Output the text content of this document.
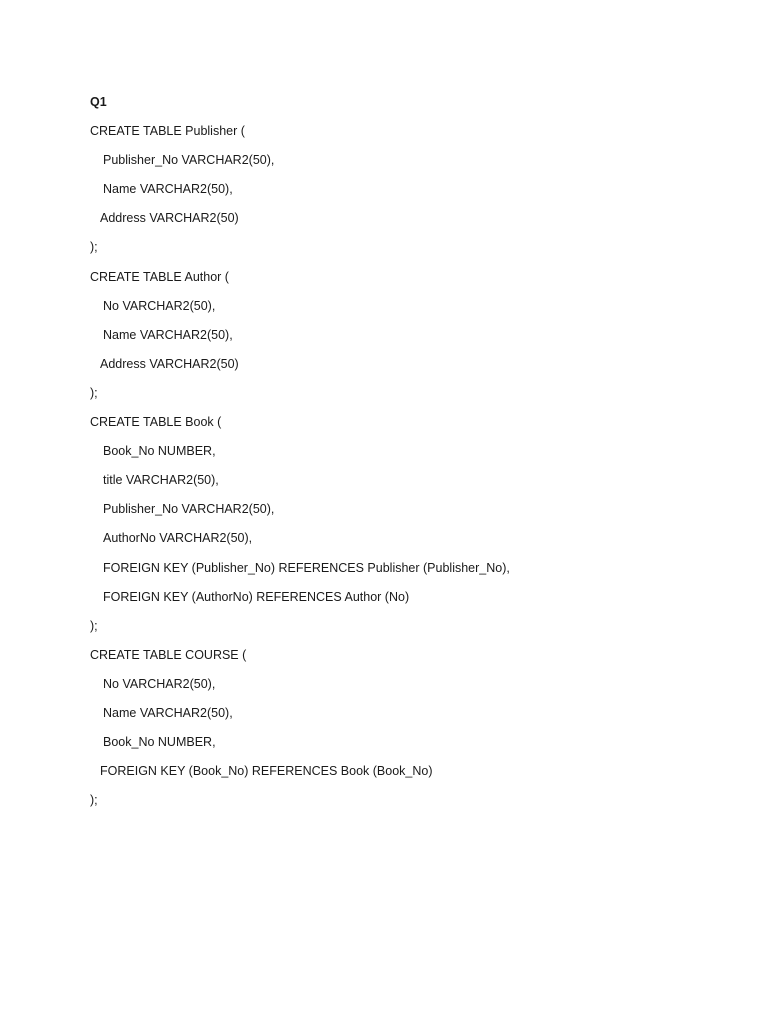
Q1
CREATE TABLE Publisher (
Publisher_No VARCHAR2(50),
Name VARCHAR2(50),
Address VARCHAR2(50)
);
CREATE TABLE Author (
No VARCHAR2(50),
Name VARCHAR2(50),
Address VARCHAR2(50)
);
CREATE TABLE Book (
Book_No NUMBER,
title VARCHAR2(50),
Publisher_No VARCHAR2(50),
AuthorNo VARCHAR2(50),
FOREIGN KEY (Publisher_No) REFERENCES Publisher (Publisher_No),
FOREIGN KEY (AuthorNo) REFERENCES Author (No)
);
CREATE TABLE COURSE (
No VARCHAR2(50),
Name VARCHAR2(50),
Book_No NUMBER,
FOREIGN KEY (Book_No) REFERENCES Book (Book_No)
);
